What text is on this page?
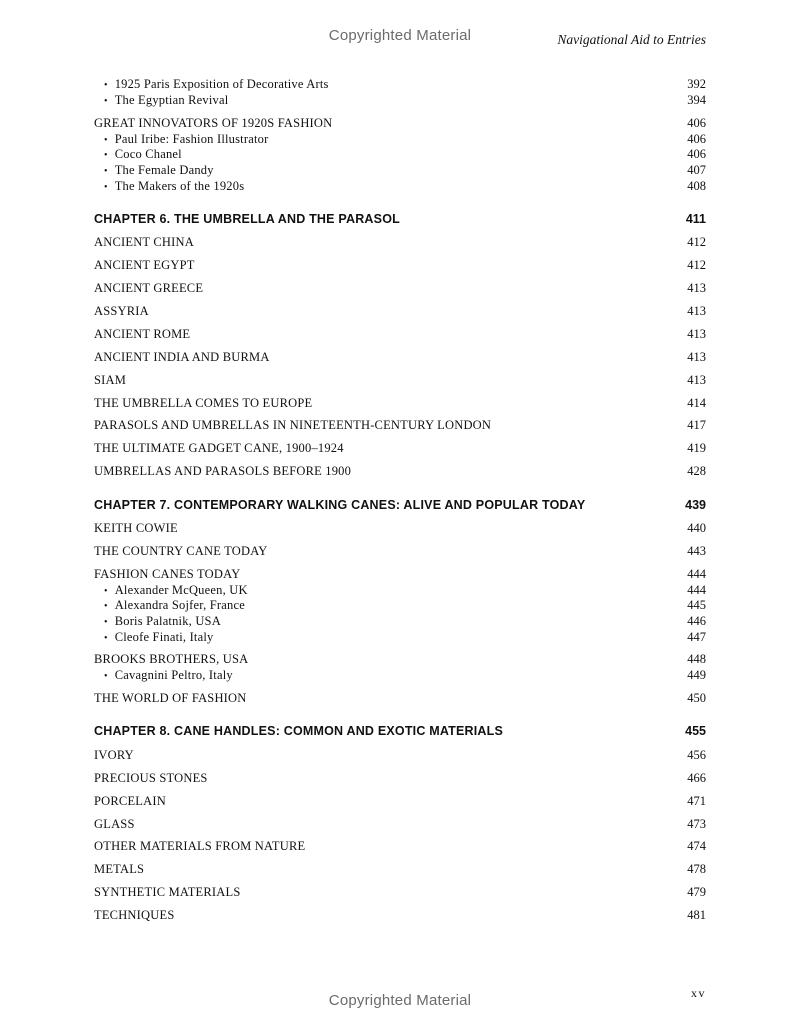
Copyrighted Material	Navigational Aid to Entries
• 1925 Paris Exposition of Decorative Arts	392
• The Egyptian Revival	394
GREAT INNOVATORS OF 1920S FASHION	406
• Paul Iribe: Fashion Illustrator	406
• Coco Chanel	406
• The Female Dandy	407
• The Makers of the 1920s	408
CHAPTER 6. THE UMBRELLA AND THE PARASOL	411
ANCIENT CHINA	412
ANCIENT EGYPT	412
ANCIENT GREECE	413
ASSYRIA	413
ANCIENT ROME	413
ANCIENT INDIA AND BURMA	413
SIAM	413
THE UMBRELLA COMES TO EUROPE	414
PARASOLS AND UMBRELLAS IN NINETEENTH-CENTURY LONDON	417
THE ULTIMATE GADGET CANE, 1900–1924	419
UMBRELLAS AND PARASOLS BEFORE 1900	428
CHAPTER 7. CONTEMPORARY WALKING CANES: ALIVE AND POPULAR TODAY	439
KEITH COWIE	440
THE COUNTRY CANE TODAY	443
FASHION CANES TODAY	444
• Alexander McQueen, UK	444
• Alexandra Sojfer, France	445
• Boris Palatnik, USA	446
• Cleofe Finati, Italy	447
BROOKS BROTHERS, USA	448
• Cavagnini Peltro, Italy	449
THE WORLD OF FASHION	450
CHAPTER 8. CANE HANDLES: COMMON AND EXOTIC MATERIALS	455
IVORY	456
PRECIOUS STONES	466
PORCELAIN	471
GLASS	473
OTHER MATERIALS FROM NATURE	474
METALS	478
SYNTHETIC MATERIALS	479
TECHNIQUES	481
xv
Copyrighted Material
